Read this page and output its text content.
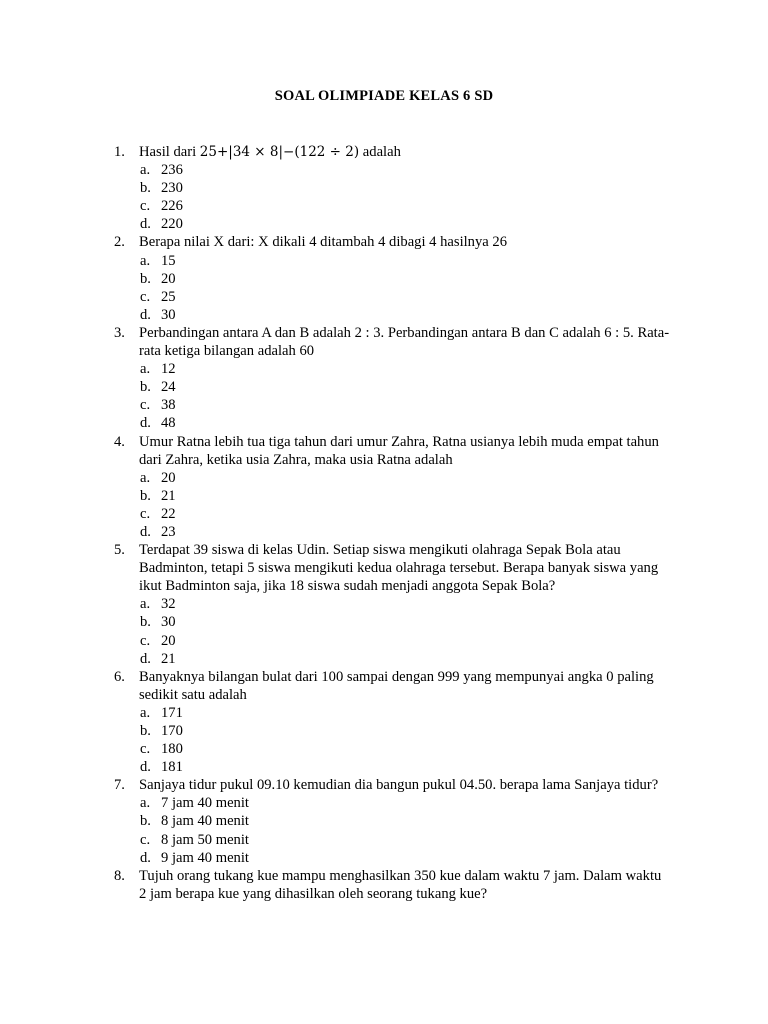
SOAL OLIMPIADE KELAS 6 SD
1. Hasil dari 25+|34 × 8|−(122 ÷ 2) adalah
a. 236
b. 230
c. 226
d. 220
2. Berapa nilai X dari: X dikali 4 ditambah 4 dibagi 4 hasilnya 26
a. 15
b. 20
c. 25
d. 30
3. Perbandingan antara A dan B adalah 2 : 3. Perbandingan antara B dan C adalah 6 : 5. Rata-rata ketiga bilangan adalah 60
a. 12
b. 24
c. 38
d. 48
4. Umur Ratna lebih tua tiga tahun dari umur Zahra, Ratna usianya lebih muda empat tahun dari Zahra, ketika usia Zahra, maka usia Ratna adalah
a. 20
b. 21
c. 22
d. 23
5. Terdapat 39 siswa di kelas Udin. Setiap siswa mengikuti olahraga Sepak Bola atau Badminton, tetapi 5 siswa mengikuti kedua olahraga tersebut. Berapa banyak siswa yang ikut Badminton saja, jika 18 siswa sudah menjadi anggota Sepak Bola?
a. 32
b. 30
c. 20
d. 21
6. Banyaknya bilangan bulat dari 100 sampai dengan 999 yang mempunyai angka 0 paling sedikit satu adalah
a. 171
b. 170
c. 180
d. 181
7. Sanjaya tidur pukul 09.10 kemudian dia bangun pukul 04.50. berapa lama Sanjaya tidur?
a. 7 jam 40 menit
b. 8 jam 40 menit
c. 8 jam 50 menit
d. 9 jam 40 menit
8. Tujuh orang tukang kue mampu menghasilkan 350 kue dalam waktu 7 jam. Dalam waktu 2 jam berapa kue yang dihasilkan oleh seorang tukang kue?
